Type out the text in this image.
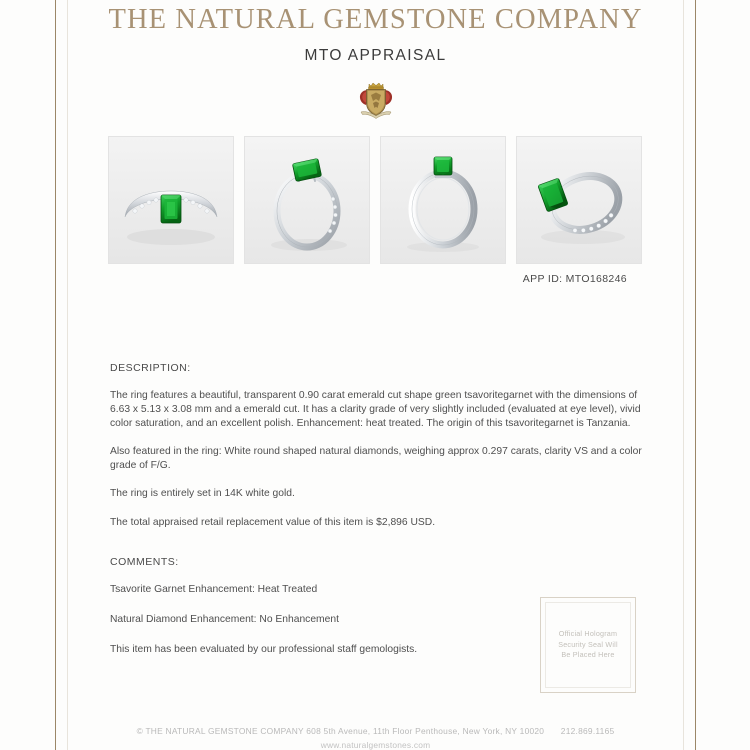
THE NATURAL GEMSTONE COMPANY
MTO APPRAISAL
APP ID: MTO168246
DESCRIPTION:
The ring features a beautiful, transparent 0.90 carat emerald cut shape green tsavoritegarnet with the dimensions of 6.63 x 5.13 x 3.08 mm and a emerald cut. It has a clarity grade of very slightly included (evaluated at eye level), vivid color saturation, and an excellent polish. Enhancement: heat treated. The origin of this tsavoritegarnet is Tanzania.
Also featured in the ring: White round shaped natural diamonds, weighing approx 0.297 carats, clarity VS and a color grade of F/G.
The ring is entirely set in 14K white gold.
The total appraised retail replacement value of this item is $2,896 USD.
COMMENTS:
Tsavorite Garnet Enhancement: Heat Treated
Natural Diamond Enhancement: No Enhancement
This item has been evaluated by our professional staff gemologists.
Official Hologram
Security Seal Will
Be Placed Here
© THE NATURAL GEMSTONE COMPANY 608 5th Avenue, 11th Floor Penthouse, New York, NY 10020 212.869.1165
www.naturalgemstones.com
